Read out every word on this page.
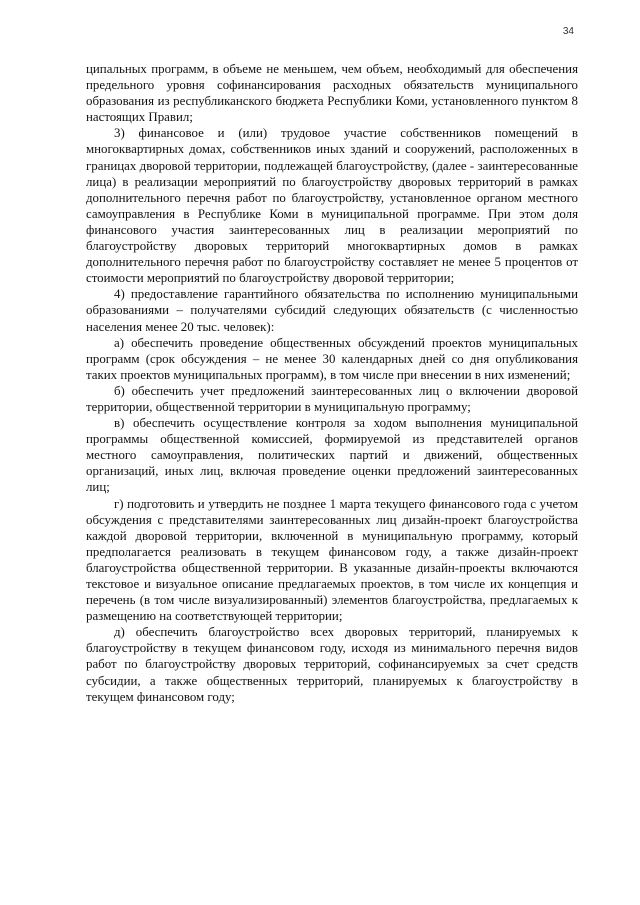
34

ципальных программ, в объеме не меньшем, чем объем, необходимый для обеспечения предельного уровня софинансирования расходных обязательств муниципального образования из республиканского бюджета Республики Коми, установленного пунктом 8 настоящих Правил;

3) финансовое и (или) трудовое участие собственников помещений в многоквартирных домах, собственников иных зданий и сооружений, расположенных в границах дворовой территории, подлежащей благоустройству, (далее - заинтересованные лица) в реализации мероприятий по благоустройству дворовых территорий в рамках дополнительного перечня работ по благоустройству, установленное органом местного самоуправления в Республике Коми в муниципальной программе. При этом доля финансового участия заинтересованных лиц в реализации мероприятий по благоустройству дворовых территорий многоквартирных домов в рамках дополнительного перечня работ по благоустройству составляет не менее 5 процентов от стоимости мероприятий по благоустройству дворовой территории;

4) предоставление гарантийного обязательства по исполнению муниципальными образованиями – получателями субсидий следующих обязательств (с численностью населения менее 20 тыс. человек):

а) обеспечить проведение общественных обсуждений проектов муниципальных программ (срок обсуждения – не менее 30 календарных дней со дня опубликования таких проектов муниципальных программ), в том числе при внесении в них изменений;

б) обеспечить учет предложений заинтересованных лиц о включении дворовой территории, общественной территории в муниципальную программу;

в) обеспечить осуществление контроля за ходом выполнения муниципальной программы общественной комиссией, формируемой из представителей органов местного самоуправления, политических партий и движений, общественных организаций, иных лиц, включая проведение оценки предложений заинтересованных лиц;

г) подготовить и утвердить не позднее 1 марта текущего финансового года с учетом обсуждения с представителями заинтересованных лиц дизайн-проект благоустройства каждой дворовой территории, включенной в муниципальную программу, который предполагается реализовать в текущем финансовом году, а также дизайн-проект благоустройства общественной территории. В указанные дизайн-проекты включаются текстовое и визуальное описание предлагаемых проектов, в том числе их концепция и перечень (в том числе визуализированный) элементов благоустройства, предлагаемых к размещению на соответствующей территории;

д) обеспечить благоустройство всех дворовых территорий, планируемых к благоустройству в текущем финансовом году, исходя из минимального перечня видов работ по благоустройству дворовых территорий, софинансируемых за счет средств субсидии, а также общественных территорий, планируемых к благоустройству в текущем финансовом году;
